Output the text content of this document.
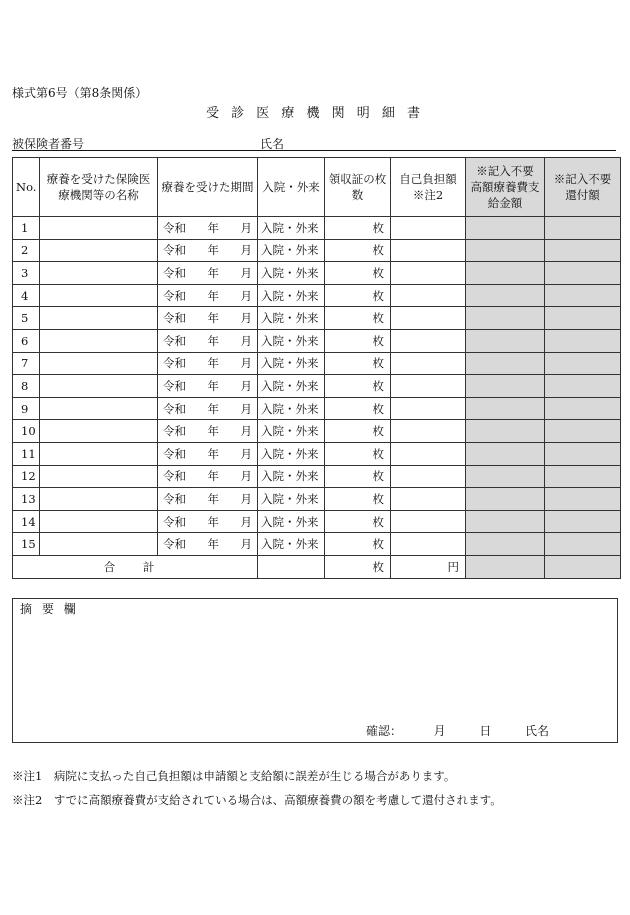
様式第6号（第8条関係）
受 診 医 療 機 関 明 細 書
被保険者番号	氏名
No.	療養を受けた保険医療機関等の名称	療養を受けた期間	入院・外来	領収証の枚数	自己負担額 ※注2	※記入不要 高額療養費支給金額	※記入不要 還付額
1		令和 年 月	入院・外来	枚			
2		令和 年 月	入院・外来	枚			
3		令和 年 月	入院・外来	枚			
4		令和 年 月	入院・外来	枚			
5		令和 年 月	入院・外来	枚			
6		令和 年 月	入院・外来	枚			
7		令和 年 月	入院・外来	枚			
8		令和 年 月	入院・外来	枚			
9		令和 年 月	入院・外来	枚			
10		令和 年 月	入院・外来	枚			
11		令和 年 月	入院・外来	枚			
12		令和 年 月	入院・外来	枚			
13		令和 年 月	入院・外来	枚			
14		令和 年 月	入院・外来	枚			
15		令和 年 月	入院・外来	枚			
合 計				枚	円		
摘 要 欄
確認：	月	日	氏名
※注1　病院に支払った自己負担額は申請額と支給額に誤差が生じる場合があります。
※注2　すでに高額療養費が支給されている場合は、高額療養費の額を考慮して還付されます。
